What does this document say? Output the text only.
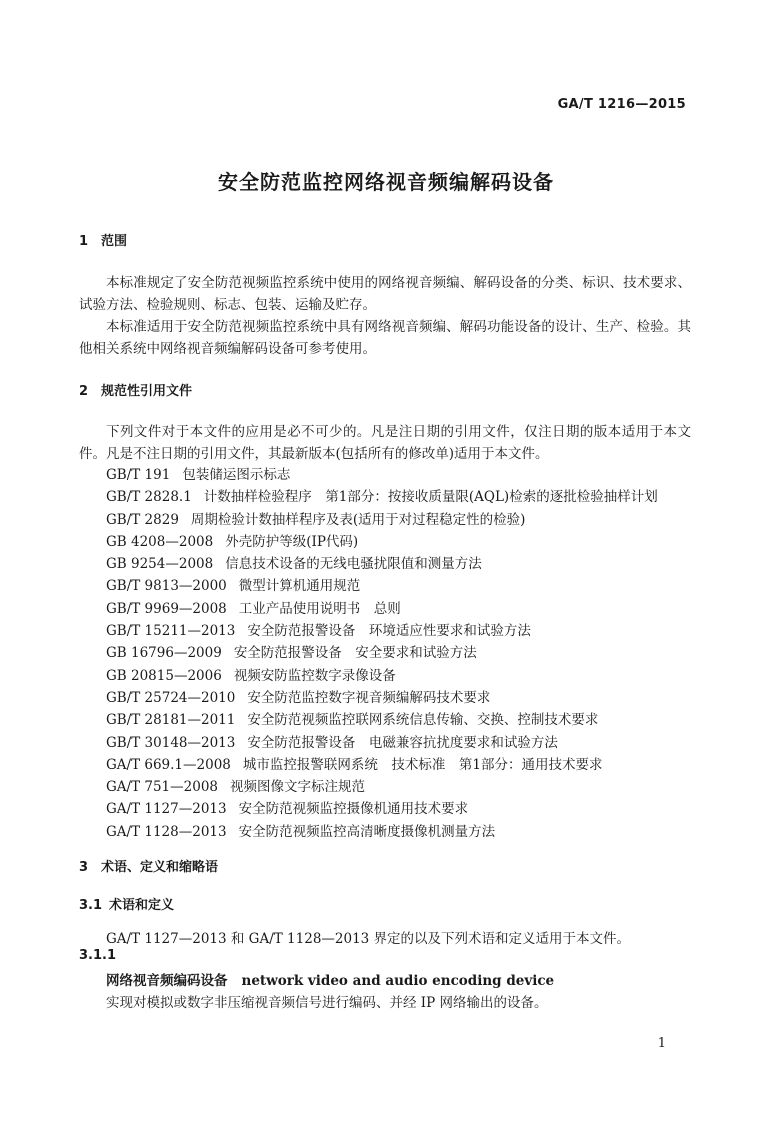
GA/T 1216—2015
安全防范监控网络视音频编解码设备
1 范围
本标准规定了安全防范视频监控系统中使用的网络视音频编、解码设备的分类、标识、技术要求、试验方法、检验规则、标志、包装、运输及贮存。
本标准适用于安全防范视频监控系统中具有网络视音频编、解码功能设备的设计、生产、检验。其他相关系统中网络视音频编解码设备可参考使用。
2 规范性引用文件
下列文件对于本文件的应用是必不可少的。凡是注日期的引用文件，仅注日期的版本适用于本文件。凡是不注日期的引用文件，其最新版本(包括所有的修改单)适用于本文件。
GB/T 191 包装储运图示标志
GB/T 2828.1 计数抽样检验程序　第1部分：按接收质量限(AQL)检索的逐批检验抽样计划
GB/T 2829 周期检验计数抽样程序及表(适用于对过程稳定性的检验)
GB 4208—2008 外壳防护等级(IP代码)
GB 9254—2008 信息技术设备的无线电骚扰限值和测量方法
GB/T 9813—2000 微型计算机通用规范
GB/T 9969—2008 工业产品使用说明书　总则
GB/T 15211—2013 安全防范报警设备　环境适应性要求和试验方法
GB 16796—2009 安全防范报警设备　安全要求和试验方法
GB 20815—2006 视频安防监控数字录像设备
GB/T 25724—2010 安全防范监控数字视音频编解码技术要求
GB/T 28181—2011 安全防范视频监控联网系统信息传输、交换、控制技术要求
GB/T 30148—2013 安全防范报警设备　电磁兼容抗扰度要求和试验方法
GA/T 669.1—2008 城市监控报警联网系统　技术标准　第1部分：通用技术要求
GA/T 751—2008 视频图像文字标注规范
GA/T 1127—2013 安全防范视频监控摄像机通用技术要求
GA/T 1128—2013 安全防范视频监控高清晰度摄像机测量方法
3 术语、定义和缩略语
3.1 术语和定义
GA/T 1127—2013 和 GA/T 1128—2013 界定的以及下列术语和定义适用于本文件。
3.1.1
网络视音频编码设备 network video and audio encoding device
实现对模拟或数字非压缩视音频信号进行编码、并经 IP 网络输出的设备。
1
